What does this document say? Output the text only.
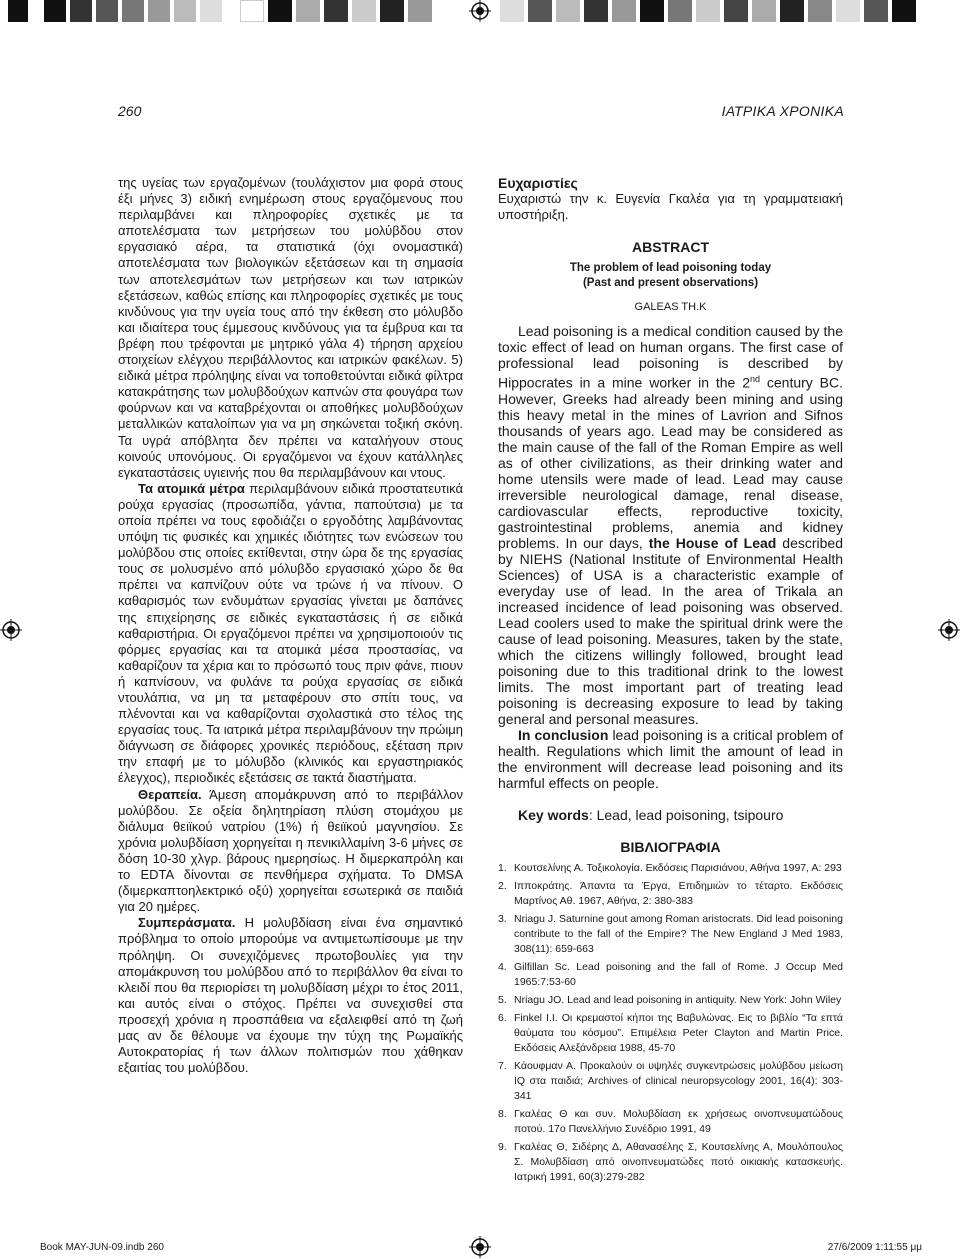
260	ΙΑΤΡΙΚΑ ΧΡΟΝΙΚΑ

της υγείας των εργαζομένων (τουλάχιστον μια φορά στους έξι μήνες 3) ειδική ενημέρωση στους εργαζόμενους που περιλαμβάνει και πληροφορίες σχετικές με τα αποτελέσματα των μετρήσεων του μολύβδου στον εργασιακό αέρα, τα στατιστικά (όχι ονομαστικά) αποτελέσματα των βιολογικών εξετάσεων και τη σημασία των αποτελεσμάτων των μετρήσεων και των ιατρικών εξετάσεων, καθώς επίσης και πληροφορίες σχετικές με τους κινδύνους για την υγεία τους από την έκθεση στο μόλυβδο και ιδιαίτερα τους έμμεσους κινδύνους για τα έμβρυα και τα βρέφη που τρέφονται με μητρικό γάλα 4) τήρηση αρχείου στοιχείων ελέγχου περιβάλλοντος και ιατρικών φακέλων. 5) ειδικά μέτρα πρόληψης είναι να τοποθετούνται ειδικά φίλτρα κατακράτησης των μολυβδούχων καπνών στα φουγάρα των φούρνων και να καταβρέχονται οι αποθήκες μολυβδούχων μεταλλικών καταλοίπων για να μη σηκώνεται τοξική σκόνη. Τα υγρά απόβλητα δεν πρέπει να καταλήγουν στους κοινούς υπονόμους. Οι εργαζόμενοι να έχουν κατάλληλες εγκαταστάσεις υγιεινής που θα περιλαμβάνουν και ντους.

Τα ατομικά μέτρα περιλαμβάνουν ειδικά προστατευτικά ρούχα εργασίας (προσωπίδα, γάντια, παπούτσια) με τα οποία πρέπει να τους εφοδιάζει ο εργοδότης λαμβάνοντας υπόψη τις φυσικές και χημικές ιδιότητες των ενώσεων του μολύβδου στις οποίες εκτίθενται, στην ώρα δε της εργασίας τους σε μολυσμένο από μόλυβδο εργασιακό χώρο δε θα πρέπει να καπνίζουν ούτε να τρώνε ή να πίνουν. Ο καθαρισμός των ενδυμάτων εργασίας γίνεται με δαπάνες της επιχείρησης σε ειδικές εγκαταστάσεις ή σε ειδικά καθαριστήρια. Οι εργαζόμενοι πρέπει να χρησιμοποιούν τις φόρμες εργασίας και τα ατομικά μέσα προστασίας, να καθαρίζουν τα χέρια και το πρόσωπό τους πριν φάνε, πιουν ή καπνίσουν, να φυλάνε τα ρούχα εργασίας σε ειδικά ντουλάπια, να μη τα μεταφέρουν στο σπίτι τους, να πλένονται και να καθαρίζονται σχολαστικά στο τέλος της εργασίας τους. Τα ιατρικά μέτρα περιλαμβάνουν την πρώιμη διάγνωση σε διάφορες χρονικές περιόδους, εξέταση πριν την επαφή με το μόλυβδο (κλινικός και εργαστηριακός έλεγχος), περιοδικές εξετάσεις σε τακτά διαστήματα.

Θεραπεία. Άμεση απομάκρυνση από το περιβάλλον μολύβδου. Σε οξεία δηλητηρίαση πλύση στομάχου με διάλυμα θειϊκού νατρίου (1%) ή θειϊκού μαγνησίου. Σε χρόνια μολυβδίαση χορηγείται η πενικιλλαμίνη 3-6 μήνες σε δόση 10-30 χλγρ. βάρους ημερησίως. Η διμερκαπρόλη και το EDTA δίνονται σε πενθήμερα σχήματα. Το DMSA (διμερκαπτοηλεκτρικό οξύ) χορηγείται εσωτερικά σε παιδιά για 20 ημέρες.

Συμπεράσματα. Η μολυβδίαση είναι ένα σημαντικό πρόβλημα το οποίο μπορούμε να αντιμετωπίσουμε με την πρόληψη. Οι συνεχιζόμενες πρωτοβουλίες για την απομάκρυνση του μολύβδου από το περιβάλλον θα είναι το κλειδί που θα περιορίσει τη μολυβδίαση μέχρι το έτος 2011, και αυτός είναι ο στόχος. Πρέπει να συνεχισθεί στα προσεχή χρόνια η προσπάθεια να εξαλειφθεί από τη ζωή μας αν δε θέλουμε να έχουμε την τύχη της Ρωμαϊκής Αυτοκρατορίας ή των άλλων πολιτισμών που χάθηκαν εξαιτίας του μολύβδου.

Ευχαριστίες

Ευχαριστώ την κ. Ευγενία Γκαλέα για τη γραμματειακή υποστήριξη.

ABSTRACT
The problem of lead poisoning today
(Past and present observations)
GALEAS TH.K

Lead poisoning is a medical condition caused by the toxic effect of lead on human organs. The first case of professional lead poisoning is described by Hippocrates in a mine worker in the 2nd century BC. However, Greeks had already been mining and using this heavy metal in the mines of Lavrion and Sifnos thousands of years ago. Lead may be considered as the main cause of the fall of the Roman Empire as well as of other civilizations, as their drinking water and home utensils were made of lead. Lead may cause irreversible neurological damage, renal disease, cardiovascular effects, reproductive toxicity, gastrointestinal problems, anemia and kidney problems. In our days, the House of Lead described by NIEHS (National Institute of Environmental Health Sciences) of USA is a characteristic example of everyday use of lead. In the area of Trikala an increased incidence of lead poisoning was observed. Lead coolers used to make the spiritual drink were the cause of lead poisoning. Measures, taken by the state, which the citizens willingly followed, brought lead poisoning due to this traditional drink to the lowest limits. The most important part of treating lead poisoning is decreasing exposure to lead by taking general and personal measures.

In conclusion lead poisoning is a critical problem of health. Regulations which limit the amount of lead in the environment will decrease lead poisoning and its harmful effects on people.

Key words: Lead, lead poisoning, tsipouro

ΒΙΒΛΙΟΓΡΑΦΙΑ
1. Κουτσελίνης Α. Τοξικολογία. Εκδόσεις Παρισιάνου, Αθήνα 1997, Α: 293
2. Ιπποκράτης. Άπαντα τα Έργα, Επιδημιών το τέταρτο. Εκδόσεις Μαρτίνος Αθ. 1967, Αθήνα, 2: 380-383
3. Nriagu J. Saturnine gout among Roman aristocrats. Did lead poisoning contribute to the fall of the Empire? The New England J Med 1983, 308(11): 659-663
4. Gilfillan Sc. Lead poisoning and the fall of Rome. J Occup Med 1965:7:53-60
5. Nriagu JO. Lead and lead poisoning in antiquity. New York: John Wiley
6. Finkel I.I. Οι κρεμαστοί κήποι της Βαβυλώνας. Εις το βιβλίο “Τα επτά θαύματα του κόσμου”. Επιμέλεια Peter Clayton and Martin Price. Εκδόσεις Αλεξάνδρεια 1988, 45-70
7. Κάουφμαν Α. Προκαλούν οι υψηλές συγκεντρώσεις μολύβδου μείωση IQ στα παιδιά; Archives of clinical neuropsycology 2001, 16(4): 303-341
8. Γκαλέας Θ και συν. Μολυβδίαση εκ χρήσεως οινοπνευματώδους ποτού. 17ο Πανελλήνιο Συνέδριο 1991, 49
9. Γκαλέας Θ, Σιδέρης Δ, Αθανασέλης Σ, Κουτσελίνης Α, Μουλόπουλος Σ. Μολυβδίαση από οινοπνευματώδες ποτό οικιακής κατασκευής. Ιατρική 1991, 60(3):279-282
Book MAY-JUN-09.indb 260	27/6/2009 1:11:55 μμ
